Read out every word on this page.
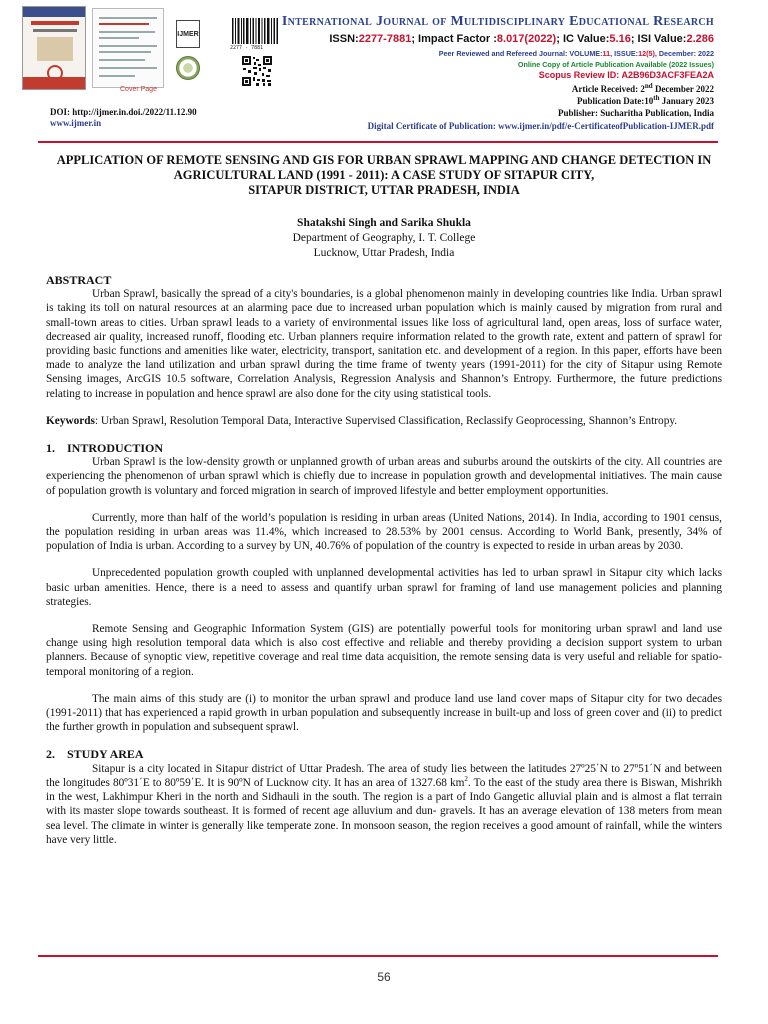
Cover Page
IJMER
2277 - 7881
International Journal of Multidisciplinary Educational Research
ISSN:2277-7881; Impact Factor :8.017(2022); IC Value:5.16; ISI Value:2.286
Peer Reviewed and Refereed Journal: VOLUME:11, ISSUE:12(5), December: 2022
Online Copy of Article Publication Available (2022 Issues)
Scopus Review ID: A2B96D3ACF3FEA2A
Article Received: 2nd December 2022
Publication Date:10th January 2023
Publisher: Sucharitha Publication, India
Digital Certificate of Publication: www.ijmer.in/pdf/e-CertificateofPublication-IJMER.pdf
DOI: http://ijmer.in.doi./2022/11.12.90
www.ijmer.in
APPLICATION OF REMOTE SENSING AND GIS FOR URBAN SPRAWL MAPPING AND CHANGE DETECTION IN
AGRICULTURAL LAND (1991 - 2011): A CASE STUDY OF SITAPUR CITY,
SITAPUR DISTRICT, UTTAR PRADESH, INDIA
Shatakshi Singh and Sarika Shukla
Department of Geography, I. T. College
Lucknow, Uttar Pradesh, India
ABSTRACT

Urban Sprawl, basically the spread of a city's boundaries, is a global phenomenon mainly in developing countries like India. Urban sprawl is taking its toll on natural resources at an alarming pace due to increased urban population which is mainly caused by migration from rural and small-town areas to cities. Urban sprawl leads to a variety of environmental issues like loss of agricultural land, open areas, loss of surface water, decreased air quality, increased runoff, flooding etc. Urban planners require information related to the growth rate, extent and pattern of sprawl for providing basic functions and amenities like water, electricity, transport, sanitation etc. and development of a region. In this paper, efforts have been made to analyze the land utilization and urban sprawl during the time frame of twenty years (1991-2011) for the city of Sitapur using Remote Sensing images, ArcGIS 10.5 software, Correlation Analysis, Regression Analysis and Shannon’s Entropy. Furthermore, the future predictions relating to increase in population and hence sprawl are also done for the city using statistical tools.

Keywords: Urban Sprawl, Resolution Temporal Data, Interactive Supervised Classification, Reclassify Geoprocessing, Shannon’s Entropy.
1. INTRODUCTION

Urban Sprawl is the low-density growth or unplanned growth of urban areas and suburbs around the outskirts of the city. All countries are experiencing the phenomenon of urban sprawl which is chiefly due to increase in population growth and developmental initiatives. The main cause of population growth is voluntary and forced migration in search of improved lifestyle and better employment opportunities.

Currently, more than half of the world’s population is residing in urban areas (United Nations, 2014). In India, according to 1901 census, the population residing in urban areas was 11.4%, which increased to 28.53% by 2001 census. According to World Bank, presently, 34% of population of India is urban. According to a survey by UN, 40.76% of population of the country is expected to reside in urban areas by 2030.

Unprecedented population growth coupled with unplanned developmental activities has led to urban sprawl in Sitapur city which lacks basic urban amenities. Hence, there is a need to assess and quantify urban sprawl for framing of land use management policies and planning strategies.

Remote Sensing and Geographic Information System (GIS) are potentially powerful tools for monitoring urban sprawl and land use change using high resolution temporal data which is also cost effective and reliable and thereby providing a decision support system to urban planners. Because of synoptic view, repetitive coverage and real time data acquisition, the remote sensing data is very useful and reliable for spatio-temporal monitoring of a region.

The main aims of this study are (i) to monitor the urban sprawl and produce land use land cover maps of Sitapur city for two decades (1991-2011) that has experienced a rapid growth in urban population and subsequently increase in built-up and loss of green cover and (ii) to predict the further growth in population and subsequent sprawl.

2. STUDY AREA

Sitapur is a city located in Sitapur district of Uttar Pradesh. The area of study lies between the latitudes 27º25΄N to 27º51΄N and between the longitudes 80º31΄E to 80º59΄E. It is 90ºN of Lucknow city. It has an area of 1327.68 $km^2$. To the east of the study area there is Biswan, Mishrikh in the west, Lakhimpur Kheri in the north and Sidhauli in the south. The region is a part of Indo Gangetic alluvial plain and is almost a flat terrain with its master slope towards southeast. It is formed of recent age alluvium and dun- gravels. It has an average elevation of 138 meters from mean sea level. The climate in winter is generally like temperate zone. In monsoon season, the region receives a good amount of rainfall, while the winters have very little.

56
